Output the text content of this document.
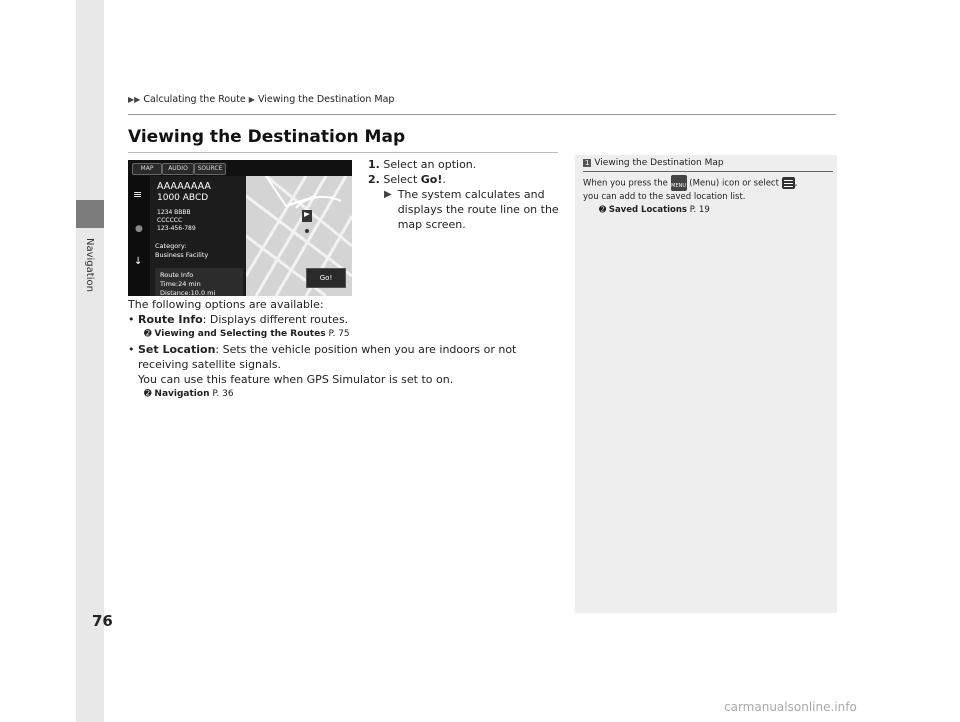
Navigation
▶▶ Calculating the Route ▶ Viewing the Destination Map
Viewing the Destination Map
MAP	AUDIO	SOURCE
≡
●
↓
AAAAAAAA
1000 ABCD
1234 BBBB
CCCCCC
123-456-789
Category:
Business Facility
Route Info
Time:24 min
Distance:10.0 mi
Go!
1. Select an option.
2. Select Go!.
▶ The system calculates and displays the route line on the map screen.
The following options are available:
• Route Info: Displays different routes.
➋ Viewing and Selecting the Routes P. 75
• Set Location: Sets the vehicle position when you are indoors or not receiving satellite signals.
You can use this feature when GPS Simulator is set to on.
➋ Navigation P. 36
1 Viewing the Destination Map
When you press the MENU (Menu) icon or select ,
you can add to the saved location list.
➋ Saved Locations P. 19
76
carmanualsonline.info
